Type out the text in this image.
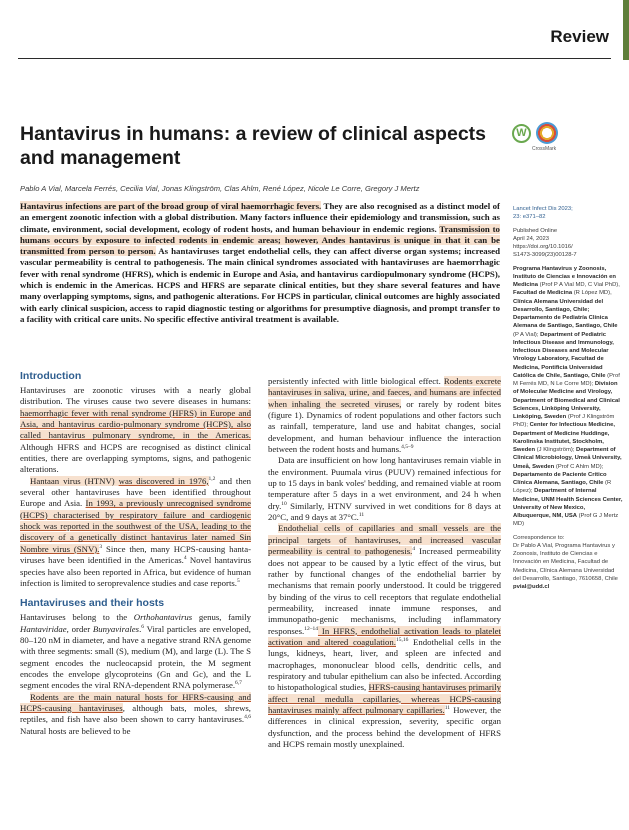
Review
Hantavirus in humans: a review of clinical aspects and management
W
CrossMark
Pablo A Vial, Marcela Ferrés, Cecilia Vial, Jonas Klingström, Clas Ahlm, René López, Nicole Le Corre, Gregory J Mertz
Hantavirus infections are part of the broad group of viral haemorrhagic fevers. They are also recognised as a distinct model of an emergent zoonotic infection with a global distribution. Many factors influence their epidemiology and transmission, such as climate, environment, social development, ecology of rodent hosts, and human behaviour in endemic regions. Transmission to humans occurs by exposure to infected rodents in endemic areas; however, Andes hantavirus is unique in that it can be transmitted from person to person. As hantaviruses target endothelial cells, they can affect diverse organ systems; increased vascular permeability is central to pathogenesis. The main clinical syndromes associated with hantaviruses are haemorrhagic fever with renal syndrome (HFRS), which is endemic in Europe and Asia, and hantavirus cardiopulmonary syndrome (HCPS), which is endemic in the Americas. HCPS and HFRS are separate clinical entities, but they share several features and have many overlapping symptoms, signs, and pathogenic alterations. For HCPS in particular, clinical outcomes are highly associated with early clinical suspicion, access to rapid diagnostic testing or algorithms for presumptive diagnosis, and prompt transfer to a facility with critical care units. No specific effective antiviral treatment is available.
Introduction

Hantaviruses are zoonotic viruses with a nearly global distribution. The viruses cause two severe diseases in humans: haemorrhagic fever with renal syndrome (HFRS) in Europe and Asia, and hantavirus cardio-pulmonary syndrome (HCPS), also called hantavirus pulmonary syndrome, in the Americas. Although HFRS and HCPS are recognised as distinct clinical entities, there are overlapping symptoms, signs, and pathogenic alterations.

Hantaan virus (HTNV) was discovered in 1976,$^{1,2}$ and then several other hantaviruses have been identified throughout Europe and Asia. In 1993, a previously unrecognised syndrome (HCPS) characterised by respiratory failure and cardiogenic shock was reported in the southwest of the USA, leading to the discovery of a genetically distinct hantavirus later named Sin Nombre virus (SNV).$^3$ Since then, many HCPS-causing hanta-viruses have been identified in the Americas.$^4$ Novel hantavirus species have also been reported in Africa, but evidence of human infection is limited to seroprevalence studies and case reports.$^5$

Hantaviruses and their hosts

Hantaviruses belong to the Orthohantavirus genus, family Hantaviridae, order Bunyavirales.$^6$ Viral particles are enveloped, 80–120 nM in diameter, and have a negative strand RNA genome with three segments: small (S), medium (M), and large (L). The S segment encodes the nucleocapsid protein, the M segment encodes the envelope glycoproteins (Gn and Gc), and the L segment encodes the viral RNA-dependent RNA polymerase.$^{6,7}$

Rodents are the main natural hosts for HFRS-causing and HCPS-causing hantaviruses, although bats, moles, shrews, reptiles, and fish have also been shown to carry hantaviruses.$^{4,6}$ Natural hosts are believed to be

persistently infected with little biological effect. Rodents excrete hantaviruses in saliva, urine, and faeces, and humans are infected when inhaling the secreted viruses, or rarely by rodent bites (figure 1). Dynamics of rodent populations and other factors such as rainfall, temperature, land use and habitat changes, social development, and human behaviour influence the interaction between the rodent hosts and humans.$^{4,5-9}$

Data are insufficient on how long hantaviruses remain viable in the environment. Puumala virus (PUUV) remained infectious for up to 15 days in bank voles' bedding, and remained viable at room temperature after 5 days in a wet environment, and 24 h when dry.$^{10}$ Similarly, HTNV survived in wet conditions for 8 days at 20°C, and 9 days at 37°C.$^{11}$

Endothelial cells of capillaries and small vessels are the principal targets of hantaviruses, and increased vascular permeability is central to pathogenesis.$^4$ Increased permeability does not appear to be caused by a lytic effect of the virus, but rather by functional changes of the endothelial barrier by mechanisms that remain poorly understood. It could be triggered by binding of the virus to cell receptors that regulate endothelial permeability, increased innate immune responses, and immunopatho-genic mechanisms, including inflammatory responses.$^{12-14}$ In HFRS, endothelial activation leads to platelet activation and altered coagulation.$^{15,16}$ Endothelial cells in the lungs, kidneys, heart, liver, and spleen are infected and macrophages, mononuclear blood cells, dendritic cells, and respiratory and tubular epithelium can also be infected. According to histopathological studies, HFRS-causing hantaviruses primarily affect renal medulla capillaries, whereas HCPS-causing hantaviruses mainly affect pulmonary capillaries.$^{11}$ However, the differences in clinical expression, severity, specific organ dysfunction, and the process behind the development of HFRS and HCPS remain mostly unexplained.

Lancet Infect Dis 2023;
23: e371–82
Published Online
April 24, 2023
https://doi.org/10.1016/
S1473-3099(23)00128-7
Programa Hantavirus y Zoonosis, Instituto de Ciencias e Innovación en Medicina (Prof P A Vial MD, C Vial PhD), Facultad de Medicina (R López MD), Clínica Alemana Universidad del Desarrollo, Santiago, Chile; Departamento de Pediatría Clínica Alemana de Santiago, Santiago, Chile (P A Vial); Department of Pediatric Infectious Disease and Immunology, Infectious Diseases and Molecular Virology Laboratory, Facultad de Medicina, Pontificia Universidad Católica de Chile, Santiago, Chile (Prof M Ferrés MD, N Le Corre MD); Division of Molecular Medicine and Virology, Department of Biomedical and Clinical Sciences, Linköping University, Linköping, Sweden (Prof J Klingström PhD); Center for Infectious Medicine, Department of Medicine Huddinge, Karolinska Institutet, Stockholm, Sweden (J Klingström); Department of Clinical Microbiology, Umeå University, Umeå, Sweden (Prof C Ahlm MD); Departamento de Paciente Crítico Clínica Alemana, Santiago, Chile (R López); Department of Internal Medicine, UNM Health Sciences Center, University of New Mexico, Albuquerque, NM, USA (Prof G J Mertz MD)
Correspondence to:
Dr Pablo A Vial, Programa Hantavirus y Zoonosis, Instituto de Ciencias e Innovación en Medicina, Facultad de Medicina, Clínica Alemana Universidad del Desarrollo, Santiago, 7610658, Chile
pvial@udd.cl
